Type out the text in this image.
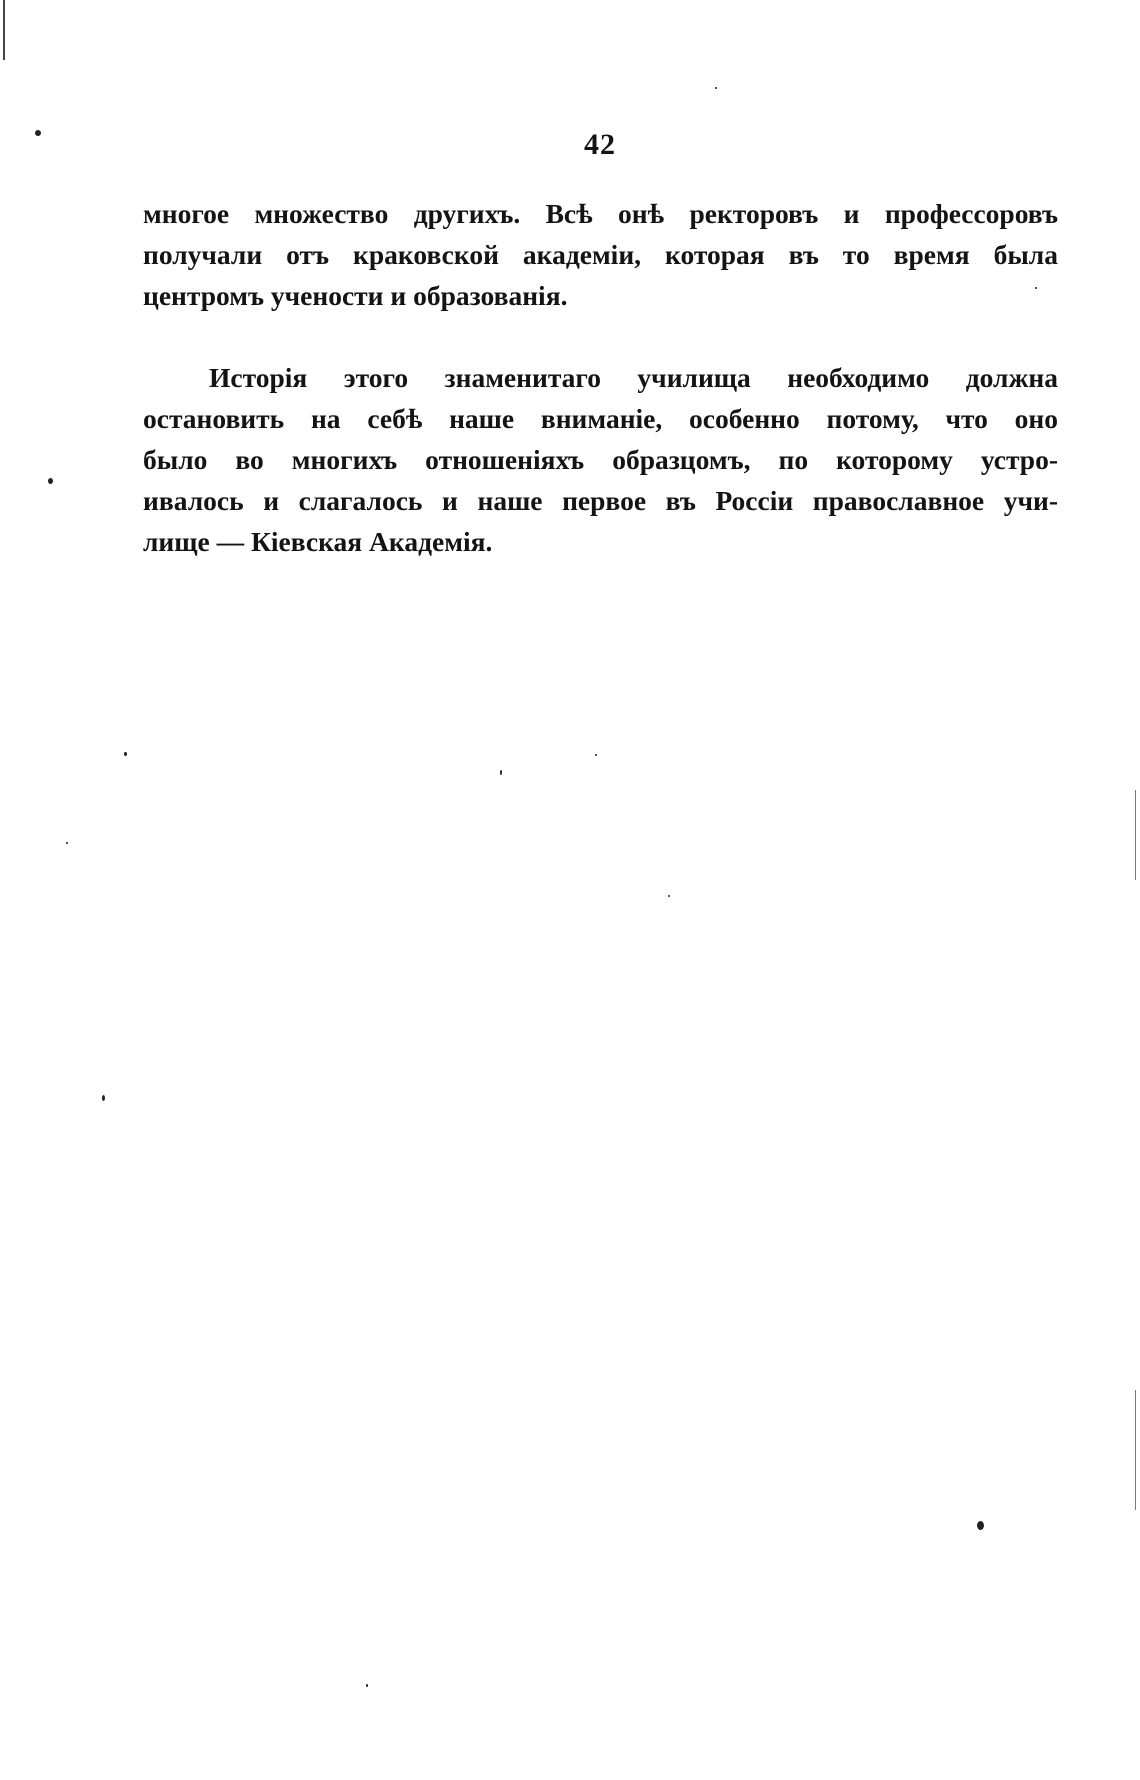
42
многое множество другихъ. Всѣ онѣ ректоровъ и профессоровъ
получали отъ краковской академіи, которая въ то время была
центромъ учености и образованія.
Исторія этого знаменитаго училища необходимо должна
остановить на себѣ наше вниманіе, особенно потому, что оно
было во многихъ отношеніяхъ образцомъ, по которому устро-
ивалось и слагалось и наше первое въ Россіи православное учи-
лище — Кіевская Академія.
